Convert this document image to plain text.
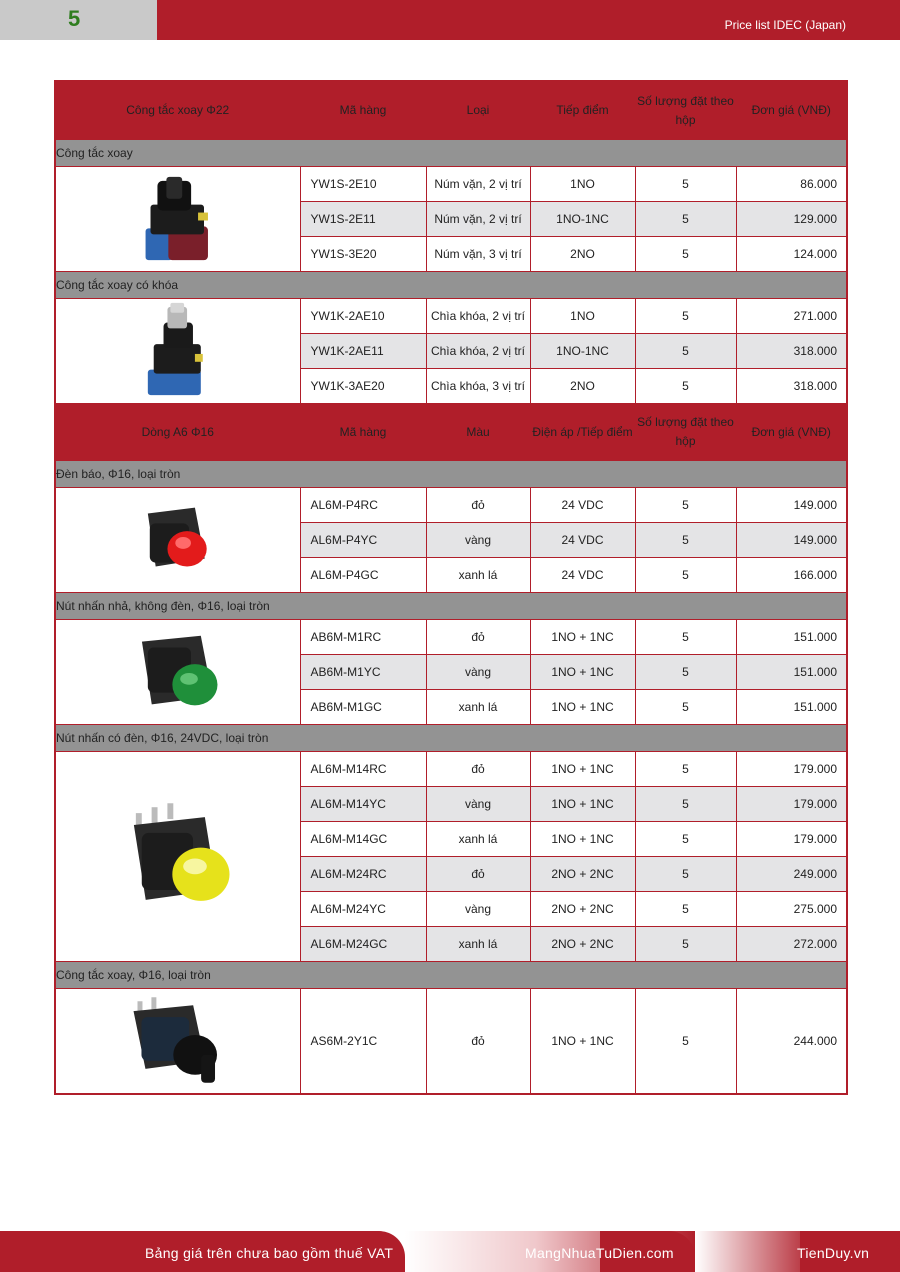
5	Price list IDEC (Japan)
Công tắc xoay Φ22	Mã hàng	Loại	Tiếp điểm	Số lượng đặt theo hộp	Đơn giá (VNĐ)
Công tắc xoay					

	YW1S-2E10	Núm vặn, 2 vị trí	1NO	5	86.000
	YW1S-2E11	Núm vặn, 2 vị trí	1NO-1NC	5	129.000
	YW1S-3E20	Núm vặn, 3 vị trí	2NO	5	124.000
Công tắc xoay có khóa					

	YW1K-2AE10	Chìa khóa, 2 vị trí	1NO	5	271.000
	YW1K-2AE11	Chìa khóa, 2 vị trí	1NO-1NC	5	318.000
	YW1K-3AE20	Chìa khóa, 3 vị trí	2NO	5	318.000
Dòng A6 Φ16	Mã hàng	Màu	Điện áp /Tiếp điểm	Số lượng đặt theo hộp	Đơn giá (VNĐ)
Đèn báo, Φ16, loại tròn					

	AL6M-P4RC	đỏ	24 VDC	5	149.000
	AL6M-P4YC	vàng	24 VDC	5	149.000
	AL6M-P4GC	xanh lá	24 VDC	5	166.000
Nút nhấn nhả, không đèn, Φ16, loại tròn					

	AB6M-M1RC	đỏ	1NO + 1NC	5	151.000
	AB6M-M1YC	vàng	1NO + 1NC	5	151.000
	AB6M-M1GC	xanh lá	1NO + 1NC	5	151.000
Nút nhấn có đèn, Φ16, 24VDC, loại tròn					

	AL6M-M14RC	đỏ	1NO + 1NC	5	179.000
	AL6M-M14YC	vàng	1NO + 1NC	5	179.000
	AL6M-M14GC	xanh lá	1NO + 1NC	5	179.000
	AL6M-M24RC	đỏ	2NO + 2NC	5	249.000
	AL6M-M24YC	vàng	2NO + 2NC	5	275.000
	AL6M-M24GC	xanh lá	2NO + 2NC	5	272.000
Công tắc xoay, Φ16, loại tròn					

	AS6M-2Y1C	đỏ	1NO + 1NC	5	244.000
Bảng giá trên chưa bao gồm thuế VAT	MangNhuaTuDien.com	TienDuy.vn
